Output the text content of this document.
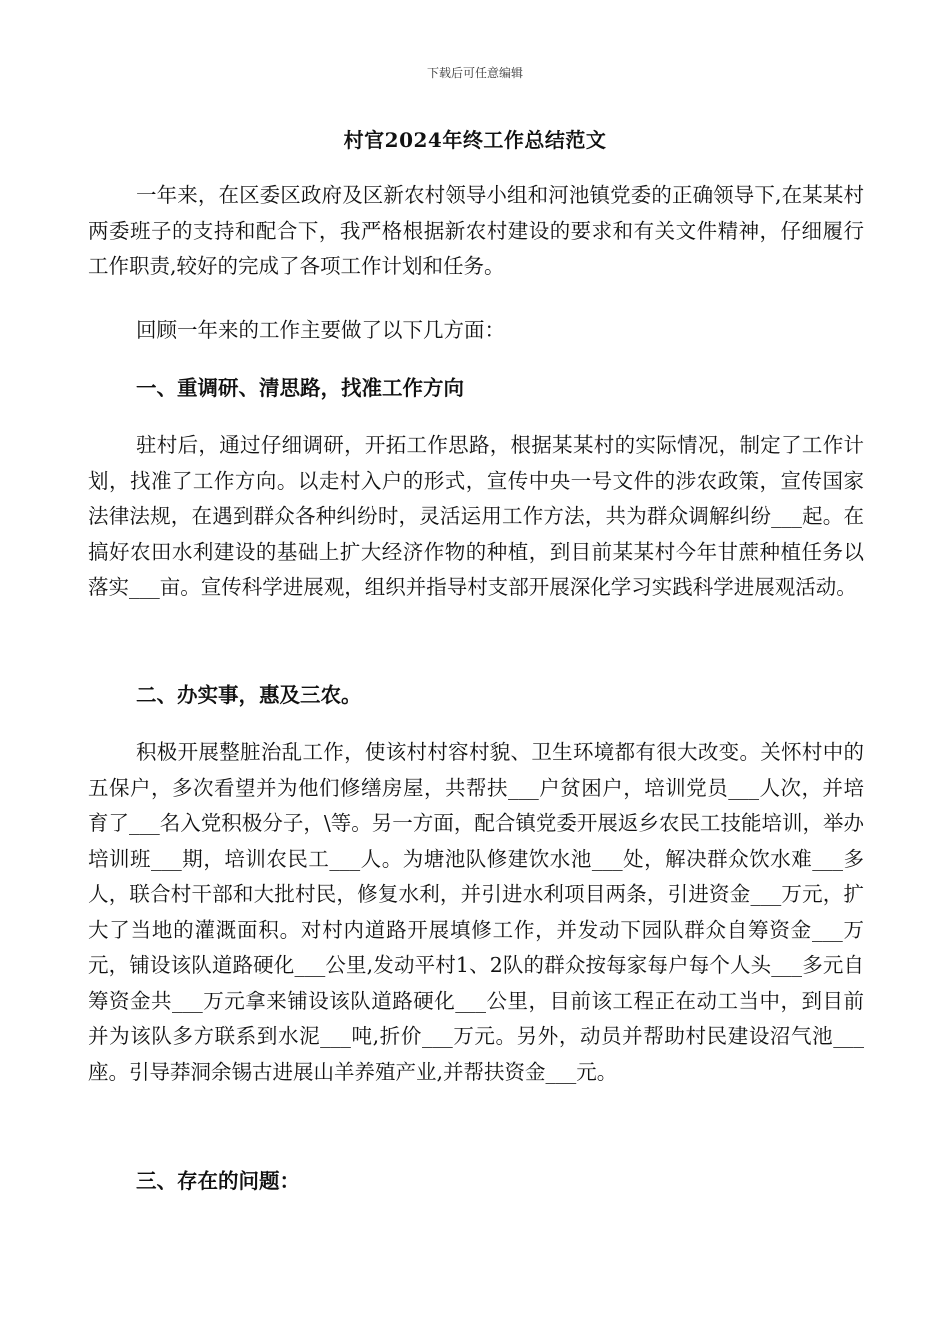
下载后可任意编辑
村官2024年终工作总结范文

一年来，在区委区政府及区新农村领导小组和河池镇党委的正确领导下,在某某村两委班子的支持和配合下，我严格根据新农村建设的要求和有关文件精神，仔细履行工作职责,较好的完成了各项工作计划和任务。

回顾一年来的工作主要做了以下几方面：

一、重调研、清思路，找准工作方向

驻村后，通过仔细调研，开拓工作思路，根据某某村的实际情况，制定了工作计划，找准了工作方向。以走村入户的形式，宣传中央一号文件的涉农政策，宣传国家法律法规，在遇到群众各种纠纷时，灵活运用工作方法，共为群众调解纠纷___起。在搞好农田水利建设的基础上扩大经济作物的种植，到目前某某村今年甘蔗种植任务以落实___亩。宣传科学进展观，组织并指导村支部开展深化学习实践科学进展观活动。

二、办实事，惠及三农。

积极开展整脏治乱工作，使该村村容村貌、卫生环境都有很大改变。关怀村中的五保户，多次看望并为他们修缮房屋，共帮扶___户贫困户，培训党员___人次，并培育了___名入党积极分子，\等。另一方面，配合镇党委开展返乡农民工技能培训，举办培训班___期，培训农民工___人。为塘池队修建饮水池___处，解决群众饮水难___多人，联合村干部和大批村民，修复水利，并引进水利项目两条，引进资金___万元，扩大了当地的灌溉面积。对村内道路开展填修工作，并发动下园队群众自筹资金___万元，铺设该队道路硬化___公里,发动平村1、2队的群众按每家每户每个人头___多元自筹资金共___万元拿来铺设该队道路硬化___公里，目前该工程正在动工当中，到目前并为该队多方联系到水泥___吨,折价___万元。另外，动员并帮助村民建设沼气池___座。引导莽洞余锡古进展山羊养殖产业,并帮扶资金___元。

三、存在的问题：
